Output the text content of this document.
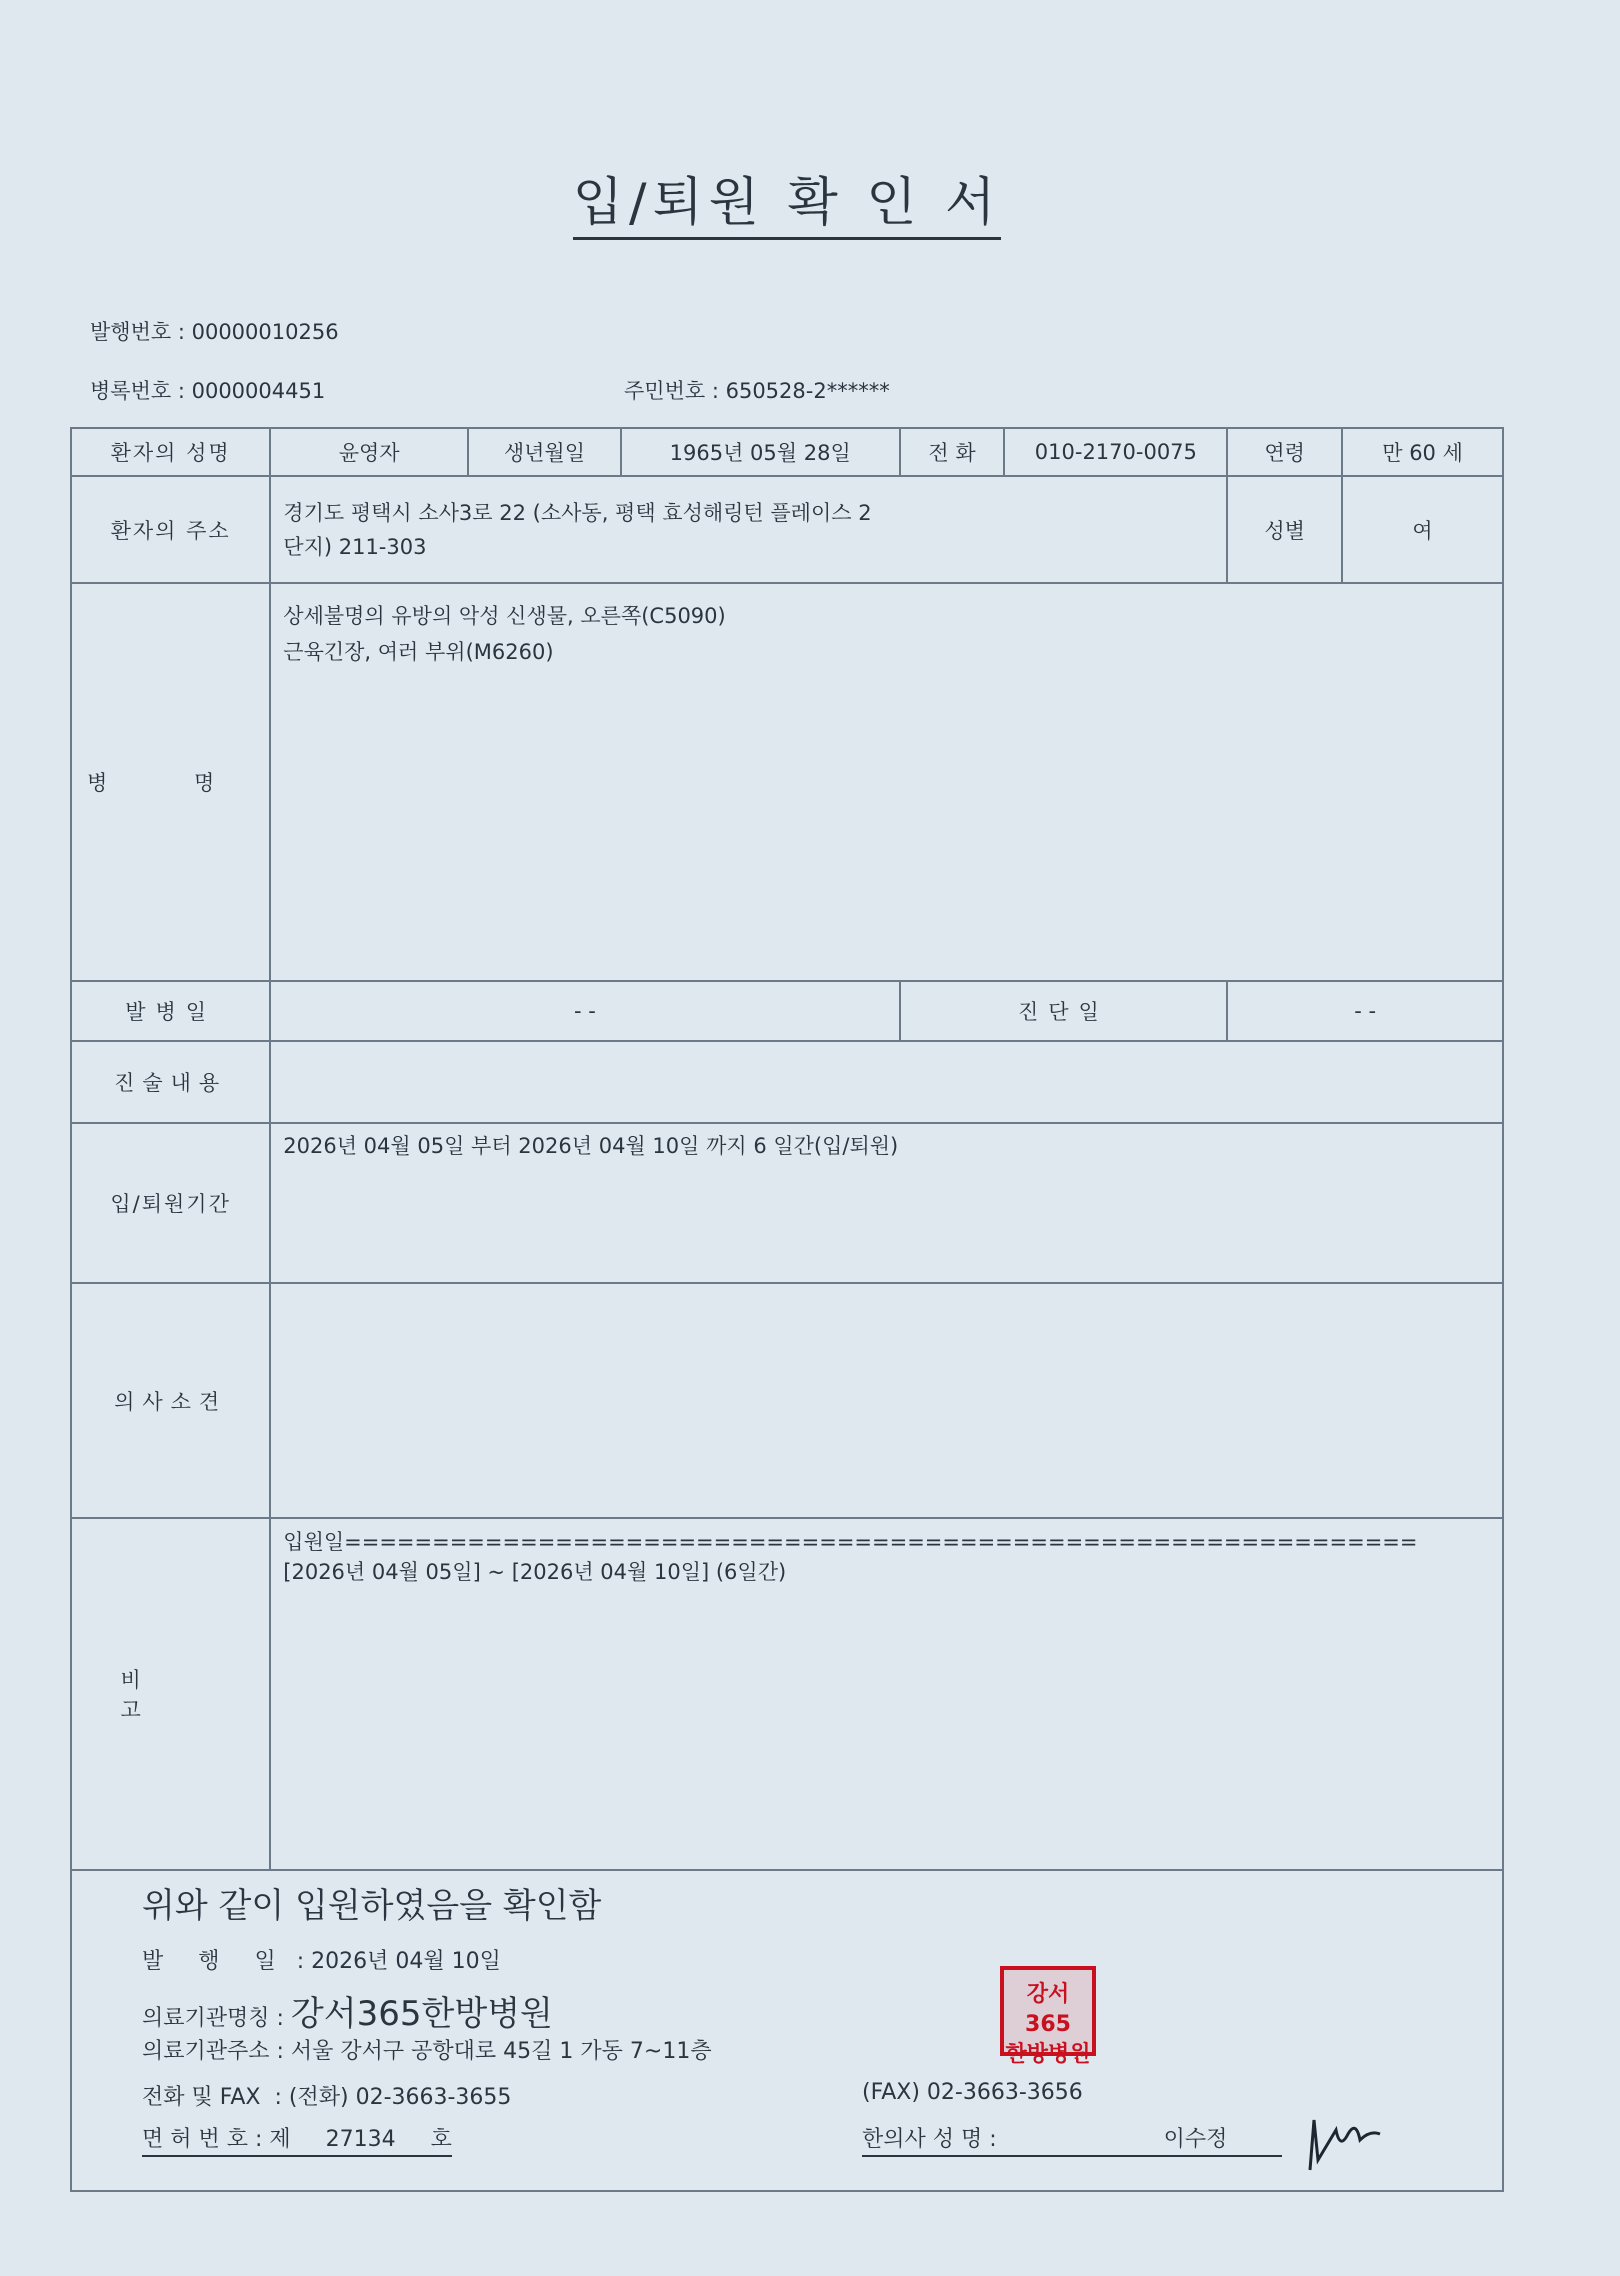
입/퇴원 확 인 서
발행번호 : 00000010256
병록번호 : 0000004451	주민번호 : 650528-2******
환자의 성명	윤영자	생년월일	1965년 05월 28일	전 화	010-2170-0075	연령	만 60 세
환자의 주소	경기도 평택시 소사3로 22 (소사동, 평택 효성해링턴 플레이스 2
단지) 211-303					성별	여
병 명	상세불명의 유방의 악성 신생물, 오른쪽(C5090)
근육긴장, 여러 부위(M6260)						

발병일	- -			진단일		- -	
진술내용							
입/퇴원기간	2026년 04월 05일 부터 2026년 04월 10일 까지 6 일간(입/퇴원)						
의사소견							
비 고	입원일=============================================================
[2026년 04월 05일] ~ [2026년 04월 10일] (6일간)						

위와 같이 입원하였음을 확인함
발 행 일 : 2026년 04월 10일
의료기관명칭 : 강서365한방병원
의료기관주소 : 서울 강서구 공항대로 45길 1 가동 7~11층
전화 및 FAX  : (전화) 02-3663-3655	(FAX) 02-3663-3656
면 허 번 호 : 제     27134     호	한의사 성 명 :	이수정
강서365
한방병원
